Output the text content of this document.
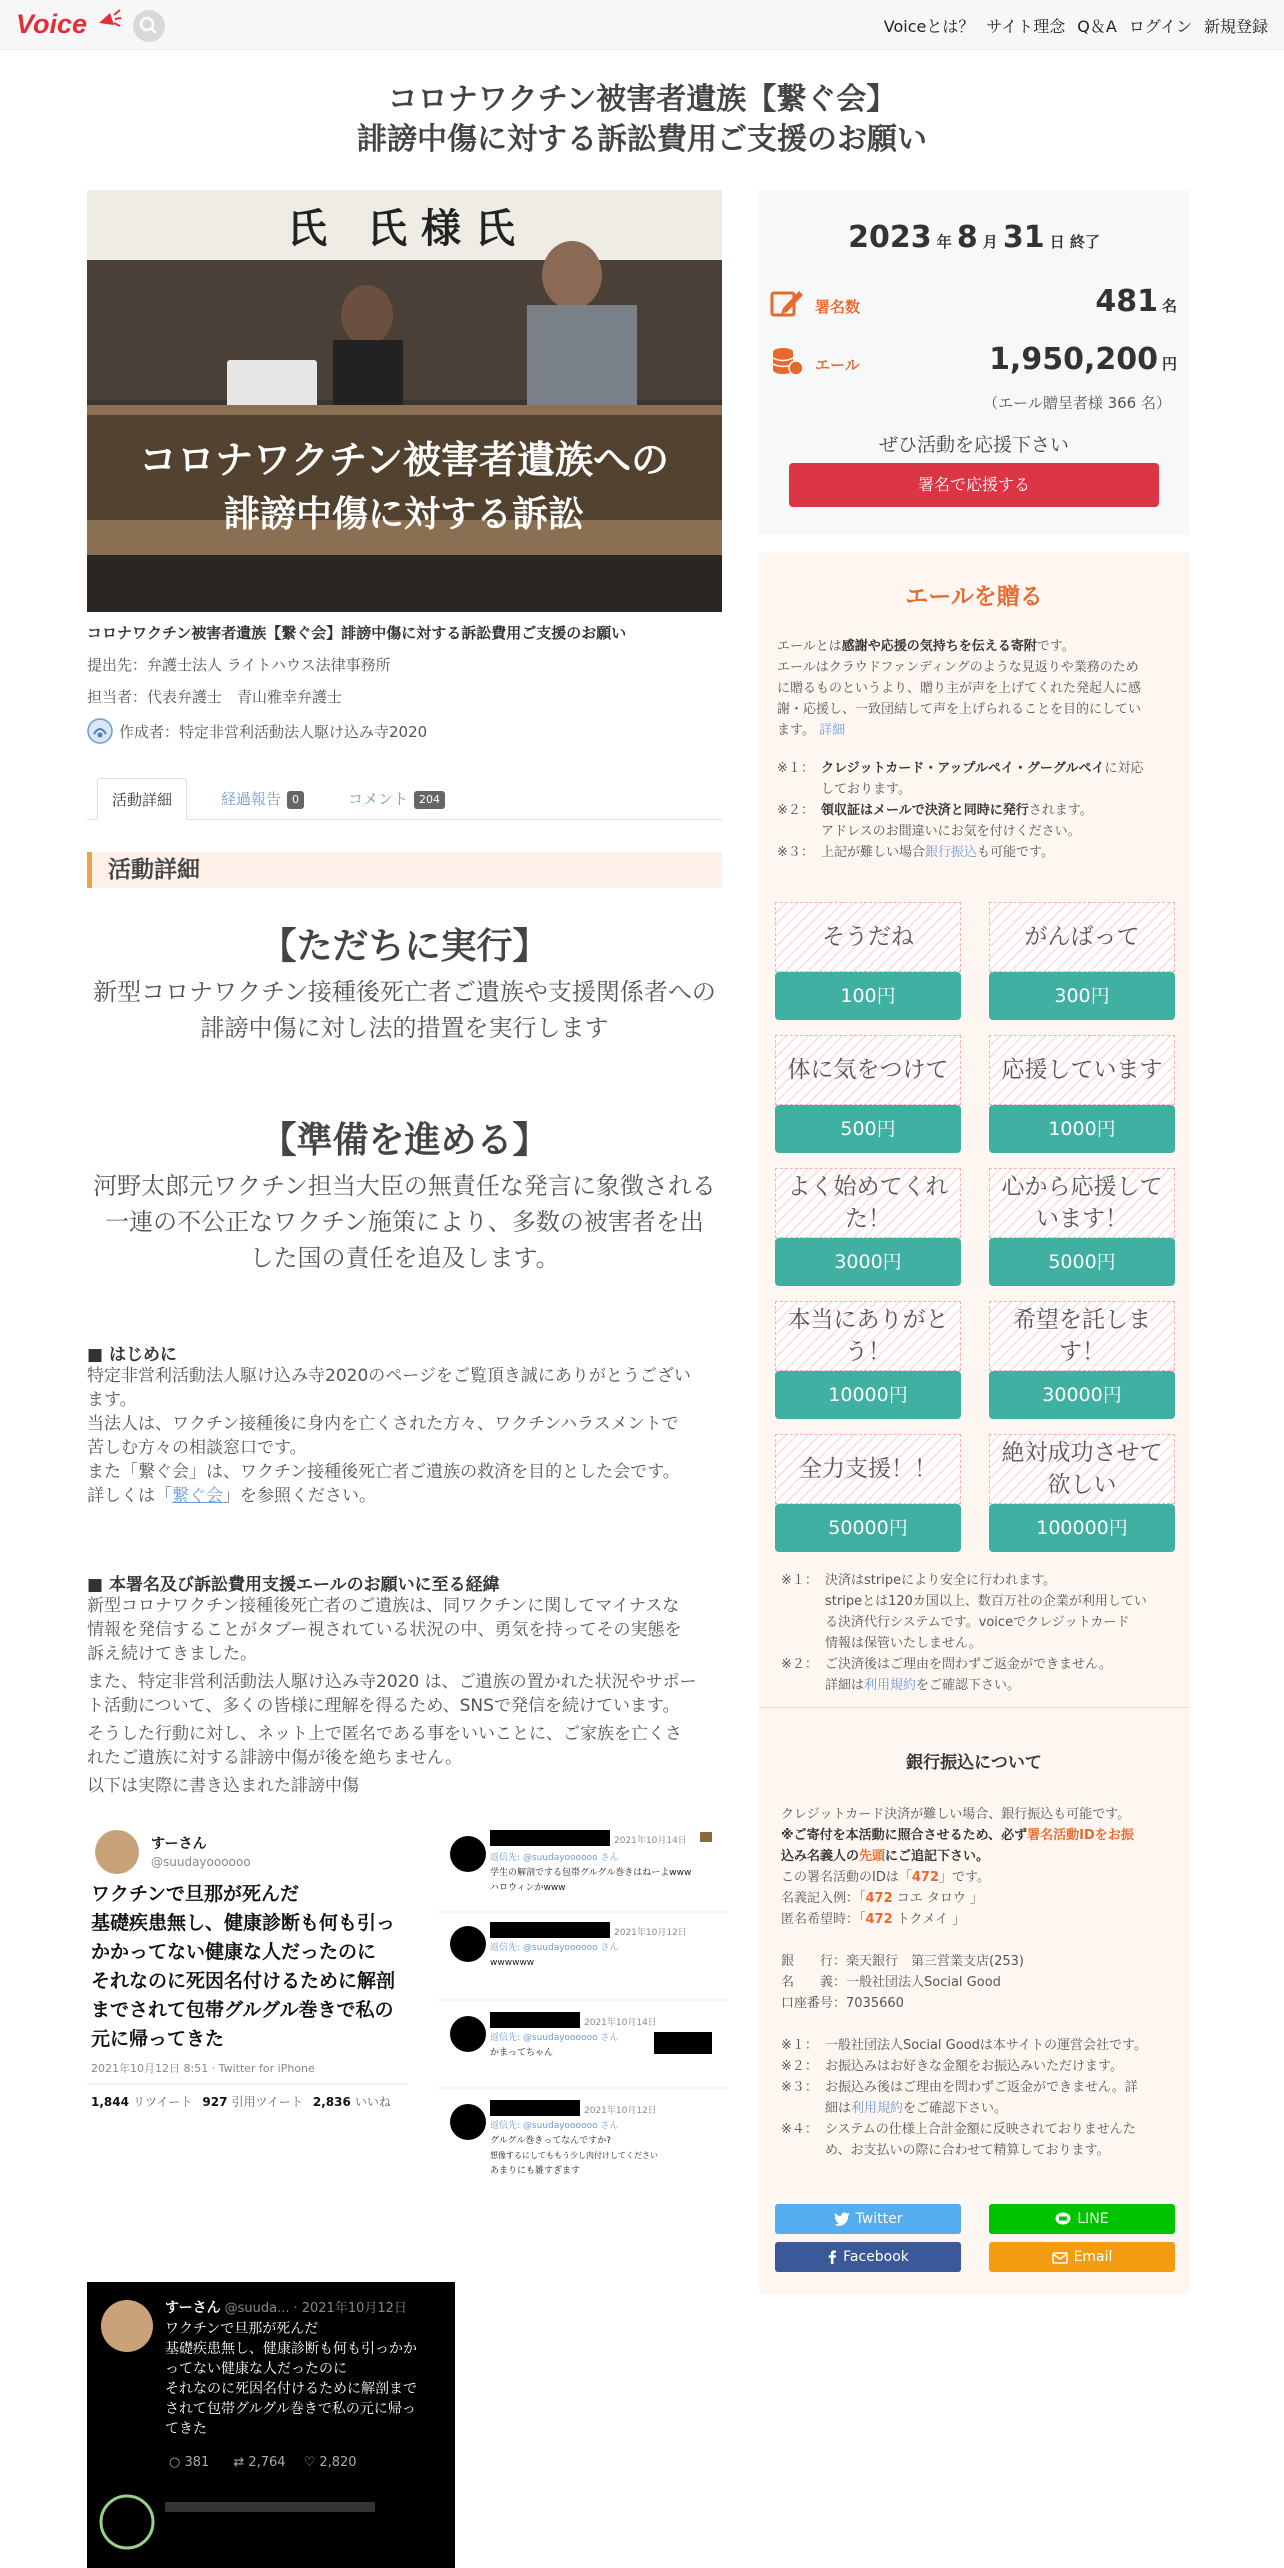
Voice	Voiceとは？ サイト理念 Q＆A ログイン 新規登録
コロナワクチン被害者遺族【繋ぐ会】
誹謗中傷に対する訴訟費用ご支援のお願い
氏　氏 様 氏
コロナワクチン被害者遺族への
誹謗中傷に対する訴訟
コロナワクチン被害者遺族【繋ぐ会】誹謗中傷に対する訴訟費用ご支援のお願い
提出先：弁護士法人 ライトハウス法律事務所
担当者：代表弁護士　青山雅幸弁護士
作成者：特定非営利活動法人駆け込み寺2020
活動詳細	経過報告 0	コメント 204
活動詳細
【ただちに実行】
新型コロナワクチン接種後死亡者ご遺族や支援関係者への
誹謗中傷に対し法的措置を実行します
【準備を進める】
河野太郎元ワクチン担当大臣の無責任な発言に象徴される
一連の不公正なワクチン施策により、多数の被害者を出
した国の責任を追及します。
■ はじめに
特定非営利活動法人駆け込み寺2020のページをご覧頂き誠にありがとうござい
ます。
当法人は、ワクチン接種後に身内を亡くされた方々、ワクチンハラスメントで
苦しむ方々の相談窓口です。
また「繋ぐ会」は、ワクチン接種後死亡者ご遺族の救済を目的とした会です。
詳しくは「繋ぐ会」を参照ください。
■ 本署名及び訴訟費用支援エールのお願いに至る経緯
新型コロナワクチン接種後死亡者のご遺族は、同ワクチンに関してマイナスな
情報を発信することがタブー視されている状況の中、勇気を持ってその実態を
訴え続けてきました。
また、特定非営利活動法人駆け込み寺2020 は、ご遺族の置かれた状況やサポー
ト活動について、多くの皆様に理解を得るため、SNSで発信を続けています。
そうした行動に対し、ネット上で匿名である事をいいことに、ご家族を亡くさ
れたご遺族に対する誹謗中傷が後を絶ちません。
以下は実際に書き込まれた誹謗中傷
すーさん
@suudayoooooo
ワクチンで旦那が死んだ
基礎疾患無し、健康診断も何も引っ
かかってない健康な人だったのに
それなのに死因名付けるために解剖
までされて包帯グルグル巻きで私の
元に帰ってきた
2021年10月12日 8:51 · Twitter for iPhone
1,844 リツイート 927 引用ツイート 2,836 いいね
2021年10月14日
返信先: @suudayoooooo さん
学生の解剖でする包帯グルグル巻きはねーよwww
ハロウィンかwww
2021年10月12日
返信先: @suudayoooooo さん
wwwwww
2021年10月14日
返信先: @suudayoooooo さん
かまってちゃん
2021年10月12日
返信先: @suudayoooooo さん
グルグル巻きってなんですか?
想像するにしてももう少し肉付けしてください
あまりにも雑すぎます
すーさん @suuda... · 2021年10月12日
ワクチンで旦那が死んだ
基礎疾患無し、健康診断も何も引っかか
ってない健康な人だったのに
それなのに死因名付けるために解剖まで
されて包帯グルグル巻きで私の元に帰っ
てきた
○ 381 ⇄ 2,764 ♡ 2,820
2023 年 8 月 31 日 終了
署名数	481 名
エール	1,950,200 円
（エール贈呈者様 366 名）
ぜひ活動を応援下さい
署名で応援する
エールを贈る
エールとは感謝や応援の気持ちを伝える寄附です。
エールはクラウドファンディングのような見返りや業務のため
に贈るものというより、贈り主が声を上げてくれた発起人に感
謝・応援し、一致団結して声を上げられることを目的にしてい
ます。 詳細
※１： クレジットカード・アップルペイ・グーグルペイに対応
しております。
※２： 領収証はメールで決済と同時に発行されます。
アドレスのお間違いにお気を付けください。
※３： 上記が難しい場合銀行振込も可能です。
そうだね
100円
がんばって
300円
体に気をつけて
500円
応援しています
1000円
よく始めてくれた！
3000円
心から応援しています！
5000円
本当にありがとう！
10000円
希望を託します！
30000円
全力支援！！
50000円
絶対成功させて欲しい
100000円
※１： 決済はstripeにより安全に行われます。
stripeとは120カ国以上、数百万社の企業が利用してい
る決済代行システムです。voiceでクレジットカード
情報は保管いたしません。
※２： ご決済後はご理由を問わずご返金ができません。
詳細は利用規約をご確認下さい。
銀行振込について
クレジットカード決済が難しい場合、銀行振込も可能です。
※ご寄付を本活動に照合させるため、必ず署名活動IDをお振
込み名義人の先頭にご追記下さい。
この署名活動のIDは「472」です。
名義記入例：「472 コエ タロウ 」
匿名希望時：「472 トクメイ 」
銀　　行：楽天銀行　第三営業支店(253)
名　　義：一般社団法人Social Good
口座番号：7035660
※１： 一般社団法人Social Goodは本サイトの運営会社です。
※２： お振込みはお好きな金額をお振込みいただけます。
※３： お振込み後はご理由を問わずご返金ができません。詳
細は利用規約をご確認下さい。
※４： システムの仕様上合計金額に反映されておりませんた
め、お支払いの際に合わせて精算しております。
Twitter	LINE
Facebook	Email
